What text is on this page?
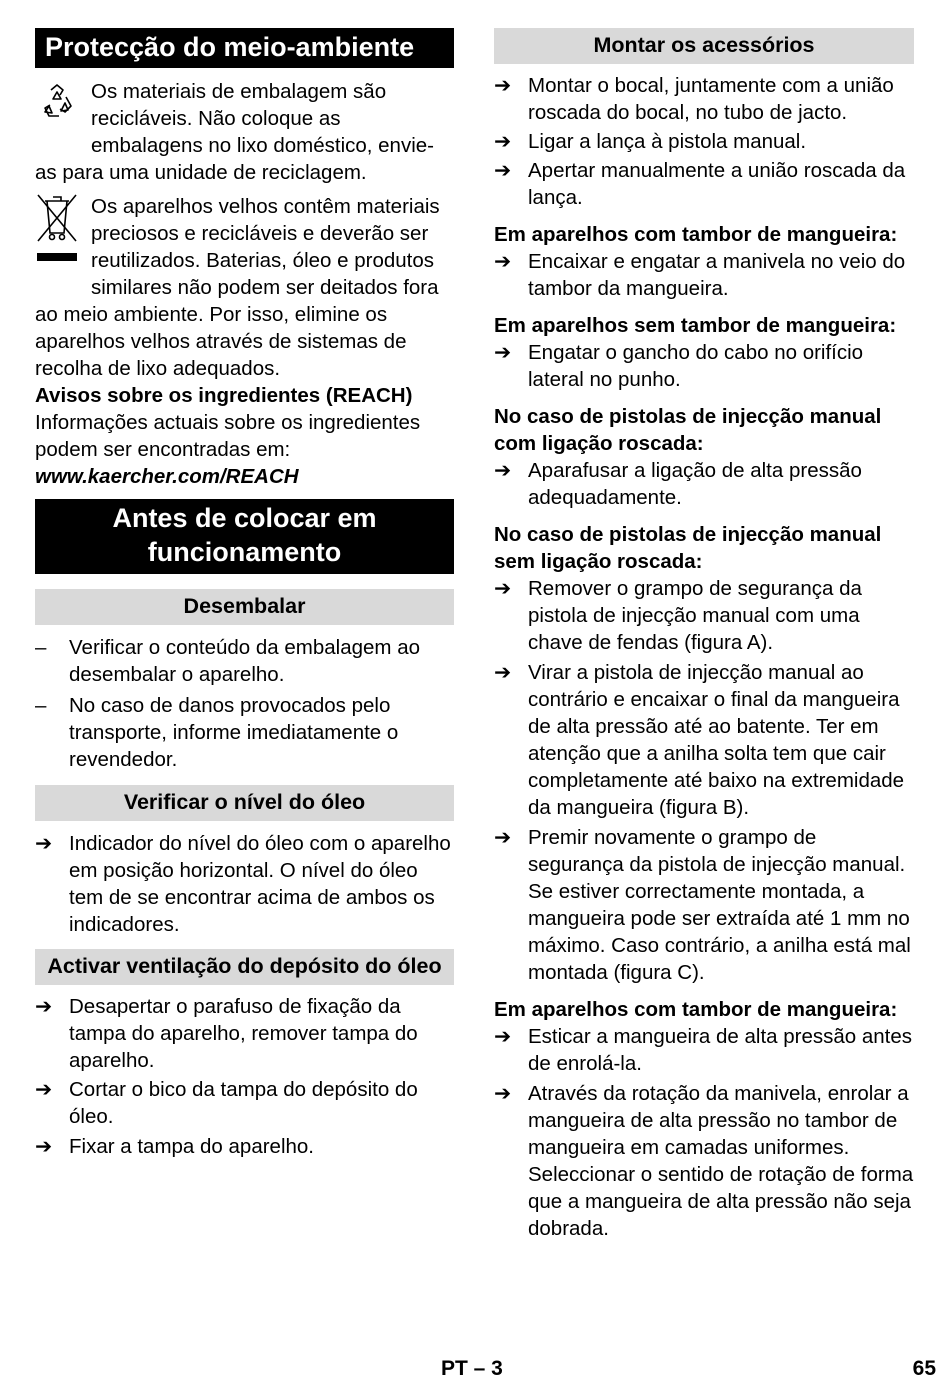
Protecção do meio-ambiente
Os materiais de embalagem são recicláveis. Não coloque as embalagens no lixo doméstico, envie-as para uma unidade de reciclagem.
Os aparelhos velhos contêm materiais preciosos e recicláveis e deverão ser reutilizados. Baterias, óleo e produtos similares não podem ser deitados fora ao meio ambiente. Por isso, elimine os aparelhos velhos através de sistemas de recolha de lixo adequados.
Avisos sobre os ingredientes (REACH)
Informações actuais sobre os ingredientes podem ser encontradas em:
www.kaercher.com/REACH
Antes de colocar em funcionamento
Desembalar
–	Verificar o conteúdo da embalagem ao desembalar o aparelho.
–	No caso de danos provocados pelo transporte, informe imediatamente o revendedor.
Verificar o nível do óleo
➔ Indicador do nível do óleo com o aparelho em posição horizontal. O nível do óleo tem de se encontrar acima de ambos os indicadores.
Activar ventilação do depósito do óleo
➔ Desapertar o parafuso de fixação da tampa do aparelho, remover tampa do aparelho.
➔ Cortar o bico da tampa do depósito do óleo.
➔ Fixar a tampa do aparelho.
Montar os acessórios
➔ Montar o bocal, juntamente com a união roscada do bocal, no tubo de jacto.
➔ Ligar a lança à pistola manual.
➔ Apertar manualmente a união roscada da lança.
Em aparelhos com tambor de mangueira:
➔ Encaixar e engatar a manivela no veio do tambor da mangueira.
Em aparelhos sem tambor de mangueira:
➔ Engatar o gancho do cabo no orifício lateral no punho.
No caso de pistolas de injecção manual com ligação roscada:
➔ Aparafusar a ligação de alta pressão adequadamente.
No caso de pistolas de injecção manual sem ligação roscada:
➔ Remover o grampo de segurança da pistola de injecção manual com uma chave de fendas (figura A).
➔ Virar a pistola de injecção manual ao contrário e encaixar o final da mangueira de alta pressão até ao batente. Ter em atenção que a anilha solta tem que cair completamente até baixo na extremidade da mangueira (figura B).
➔ Premir novamente o grampo de segurança da pistola de injecção manual. Se estiver correctamente montada, a mangueira pode ser extraída até 1 mm no máximo. Caso contrário, a anilha está mal montada (figura C).
Em aparelhos com tambor de mangueira:
➔ Esticar a mangueira de alta pressão antes de enrolá-la.
➔ Através da rotação da manivela, enrolar a mangueira de alta pressão no tambor de mangueira em camadas uniformes. Seleccionar o sentido de rotação de forma que a mangueira de alta pressão não seja dobrada.
PT – 3	65
